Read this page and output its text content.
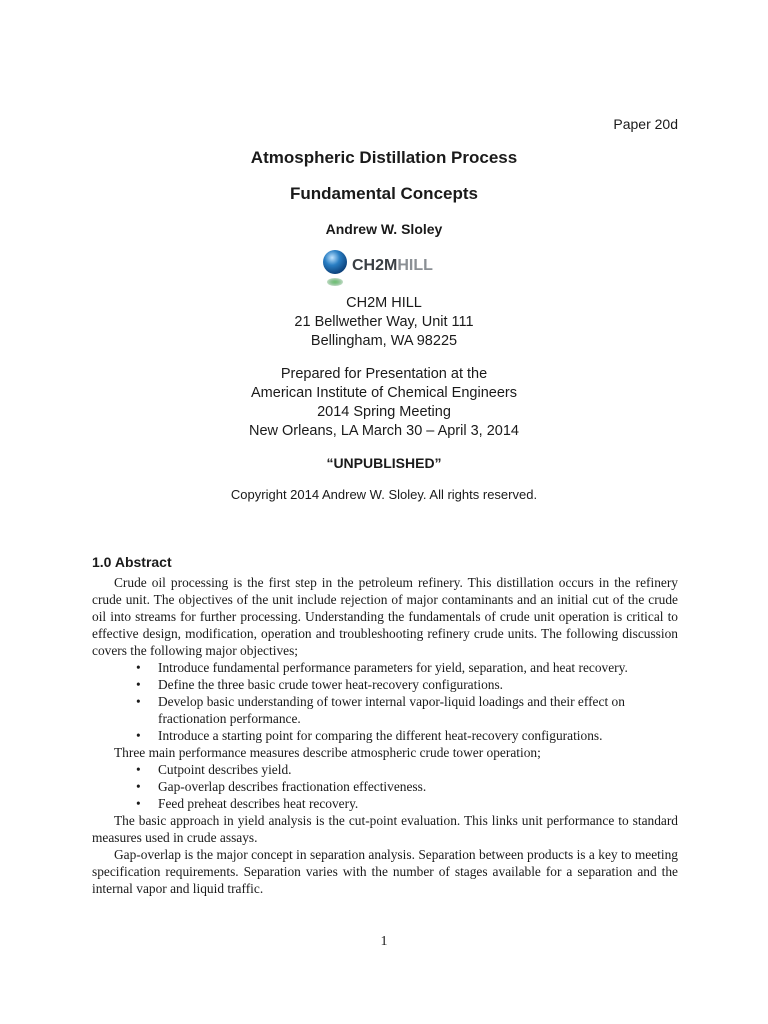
Paper 20d
Atmospheric Distillation Process
Fundamental Concepts
Andrew W. Sloley
CH2MHILL
CH2M HILL
21 Bellwether Way, Unit 111
Bellingham, WA 98225
Prepared for Presentation at the
American Institute of Chemical Engineers
2014 Spring Meeting
New Orleans, LA March 30 – April 3, 2014
“UNPUBLISHED”
Copyright 2014 Andrew W. Sloley. All rights reserved.
1.0 Abstract

Crude oil processing is the first step in the petroleum refinery. This distillation occurs in the refinery crude unit. The objectives of the unit include rejection of major contaminants and an initial cut of the crude oil into streams for further processing. Understanding the fundamentals of crude unit operation is critical to effective design, modification, operation and troubleshooting refinery crude units. The following discussion covers the following major objectives;

• Introduce fundamental performance parameters for yield, separation, and heat recovery.
• Define the three basic crude tower heat-recovery configurations.
• Develop basic understanding of tower internal vapor-liquid loadings and their effect on fractionation performance.
• Introduce a starting point for comparing the different heat-recovery configurations.

Three main performance measures describe atmospheric crude tower operation;

• Cutpoint describes yield.
• Gap-overlap describes fractionation effectiveness.
• Feed preheat describes heat recovery.

The basic approach in yield analysis is the cut-point evaluation. This links unit performance to standard measures used in crude assays.

Gap-overlap is the major concept in separation analysis. Separation between products is a key to meeting specification requirements. Separation varies with the number of stages available for a separation and the internal vapor and liquid traffic.

1
